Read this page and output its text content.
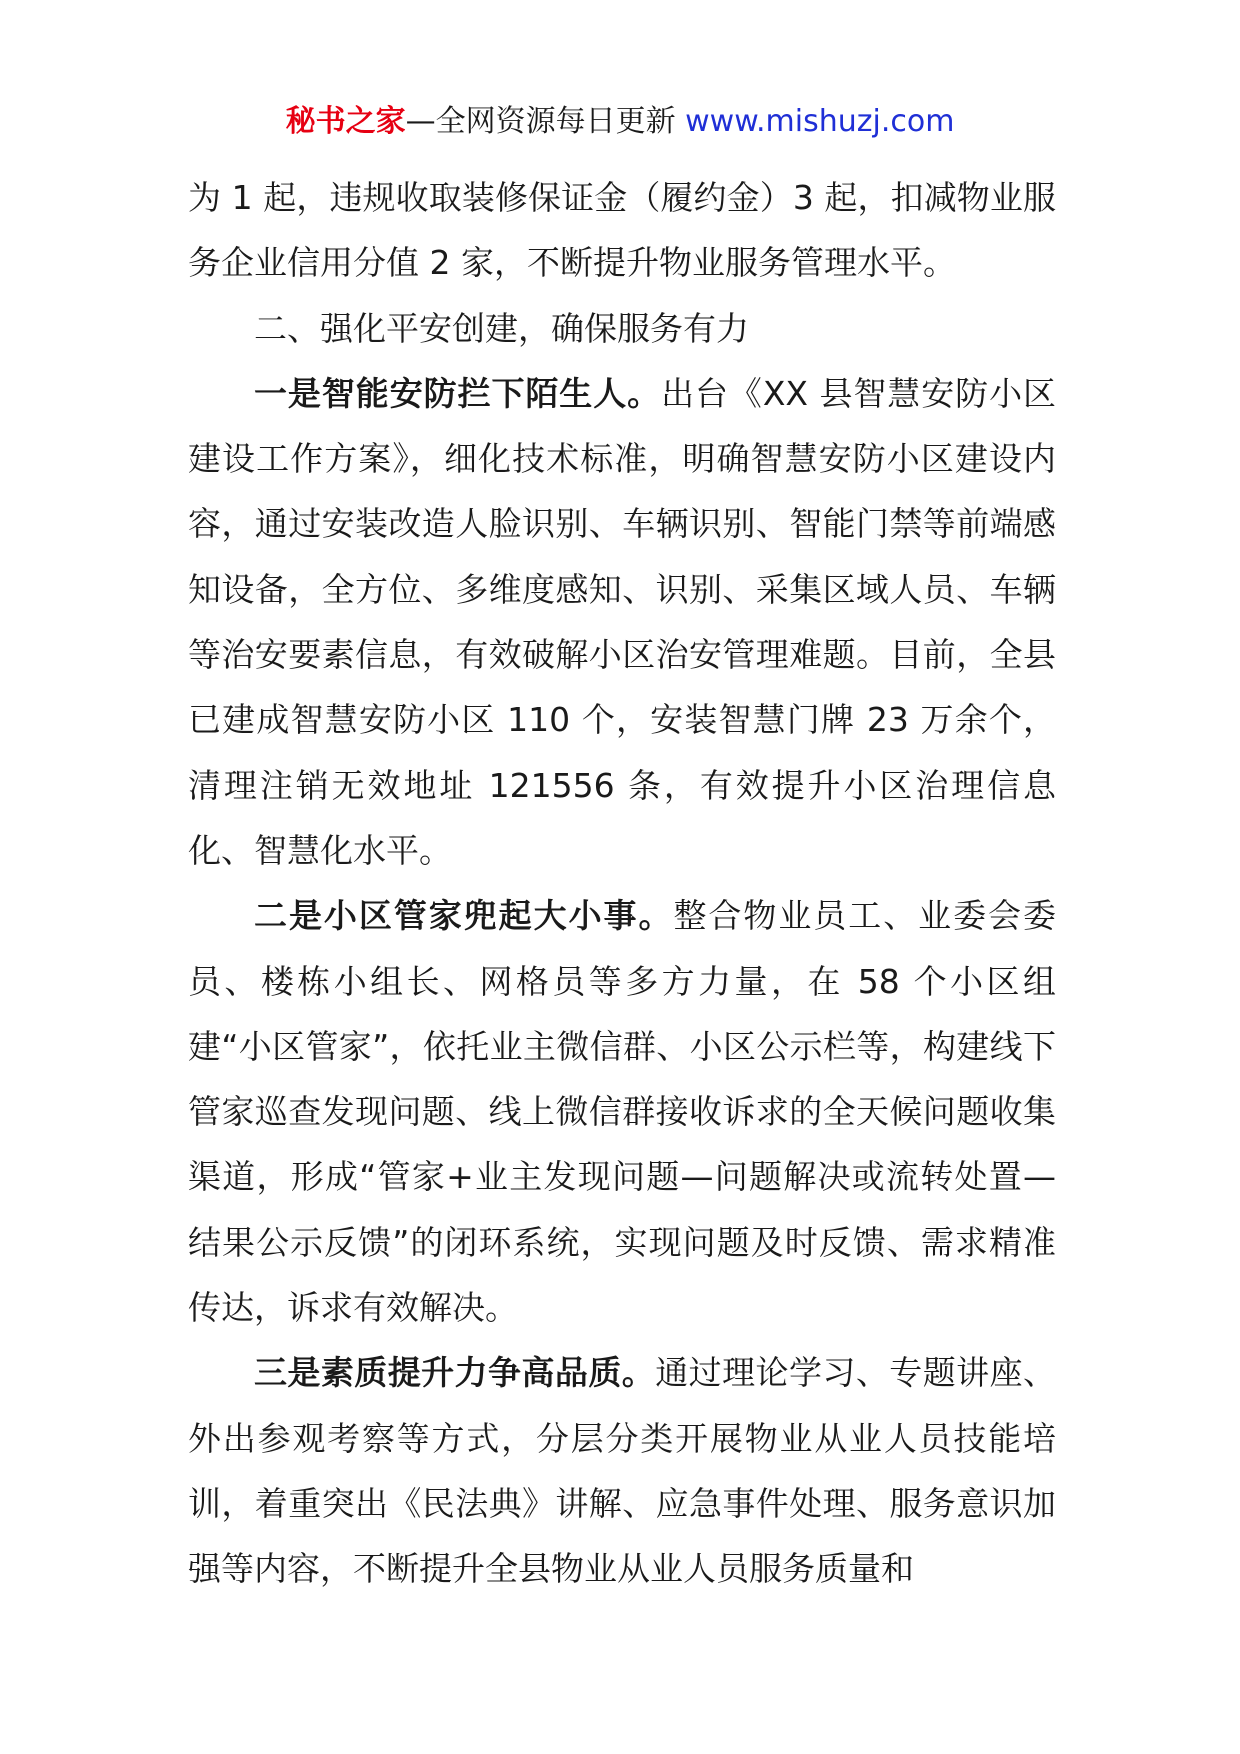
秘书之家—全网资源每日更新 www.mishuzj.com

为 1 起，违规收取装修保证金（履约金）3 起，扣减物业服务企业信用分值 2 家，不断提升物业服务管理水平。

二、强化平安创建，确保服务有力

一是智能安防拦下陌生人。出台《XX 县智慧安防小区建设工作方案》，细化技术标准，明确智慧安防小区建设内容，通过安装改造人脸识别、车辆识别、智能门禁等前端感知设备，全方位、多维度感知、识别、采集区域人员、车辆等治安要素信息，有效破解小区治安管理难题。目前，全县已建成智慧安防小区 110 个，安装智慧门牌 23 万余个，清理注销无效地址 121556 条，有效提升小区治理信息化、智慧化水平。

二是小区管家兜起大小事。整合物业员工、业委会委员、楼栋小组长、网格员等多方力量，在 58 个小区组建“小区管家”，依托业主微信群、小区公示栏等，构建线下管家巡查发现问题、线上微信群接收诉求的全天候问题收集渠道，形成“管家+业主发现问题—问题解决或流转处置—结果公示反馈”的闭环系统，实现问题及时反馈、需求精准传达，诉求有效解决。

三是素质提升力争高品质。通过理论学习、专题讲座、外出参观考察等方式，分层分类开展物业从业人员技能培训，着重突出《民法典》讲解、应急事件处理、服务意识加强等内容，不断提升全县物业从业人员服务质量和
